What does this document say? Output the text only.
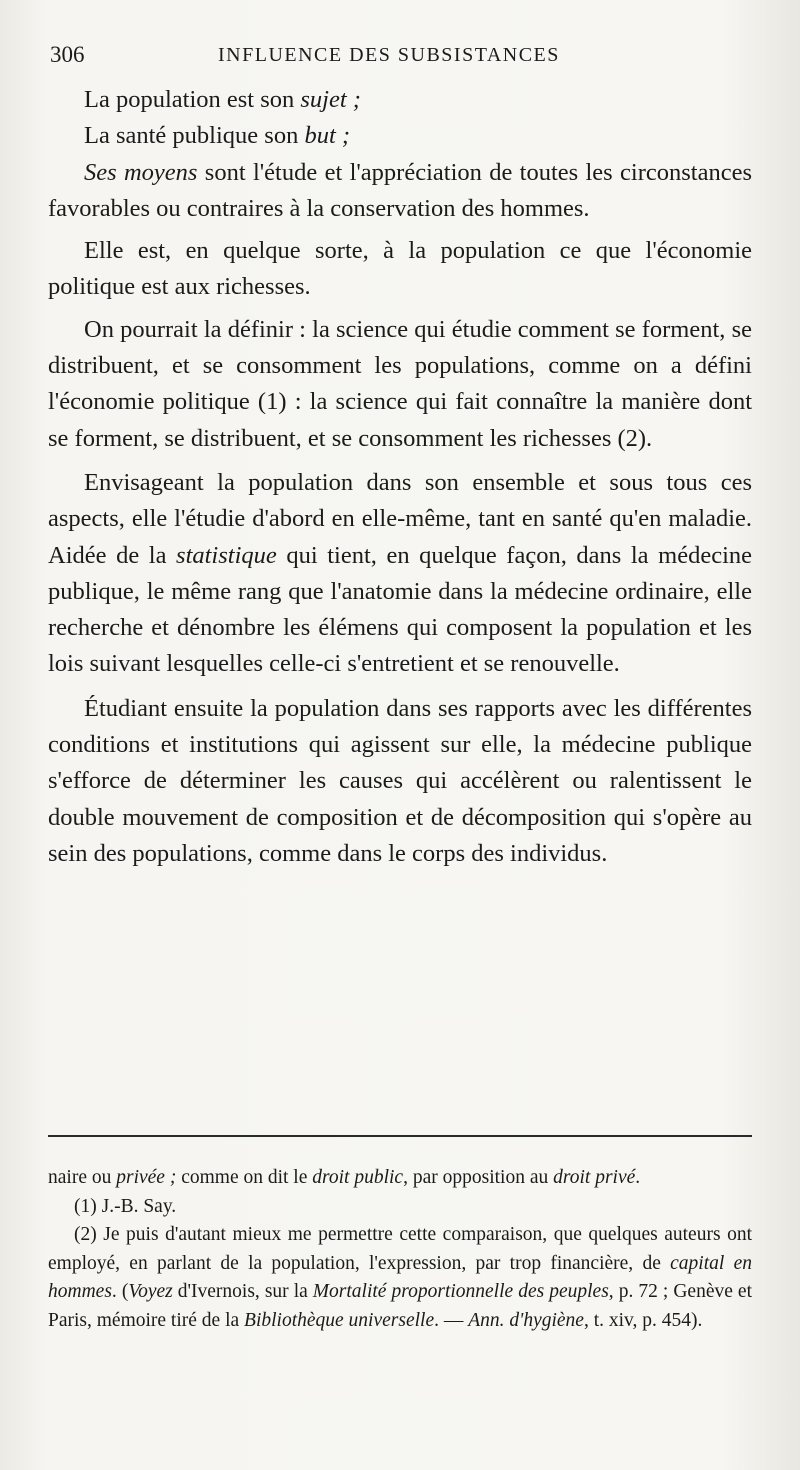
306	INFLUENCE DES SUBSISTANCES

La population est son sujet ;

La santé publique son but ;

Ses moyens sont l'étude et l'appréciation de toutes les circonstances favorables ou contraires à la conservation des hommes.

Elle est, en quelque sorte, à la population ce que l'économie politique est aux richesses.

On pourrait la définir : la science qui étudie comment se forment, se distribuent, et se consomment les populations, comme on a défini l'économie politique (1) : la science qui fait connaître la manière dont se forment, se distribuent, et se consomment les richesses (2).

Envisageant la population dans son ensemble et sous tous ces aspects, elle l'étudie d'abord en elle-même, tant en santé qu'en maladie. Aidée de la statistique qui tient, en quelque façon, dans la médecine publique, le même rang que l'anatomie dans la médecine ordinaire, elle recherche et dénombre les élémens qui composent la population et les lois suivant lesquelles celle-ci s'entretient et se renouvelle.

Étudiant ensuite la population dans ses rapports avec les différentes conditions et institutions qui agissent sur elle, la médecine publique s'efforce de déterminer les causes qui accélèrent ou ralentissent le double mouvement de composition et de décomposition qui s'opère au sein des populations, comme dans le corps des individus.

naire ou privée ; comme on dit le droit public, par opposition au droit privé.

(1) J.-B. Say.

(2) Je puis d'autant mieux me permettre cette comparaison, que quelques auteurs ont employé, en parlant de la population, l'expression, par trop financière, de capital en hommes. (Voyez d'Ivernois, sur la Mortalité proportionnelle des peuples, p. 72 ; Genève et Paris, mémoire tiré de la Bibliothèque universelle. — Ann. d'hygiène, t. xiv, p. 454).
